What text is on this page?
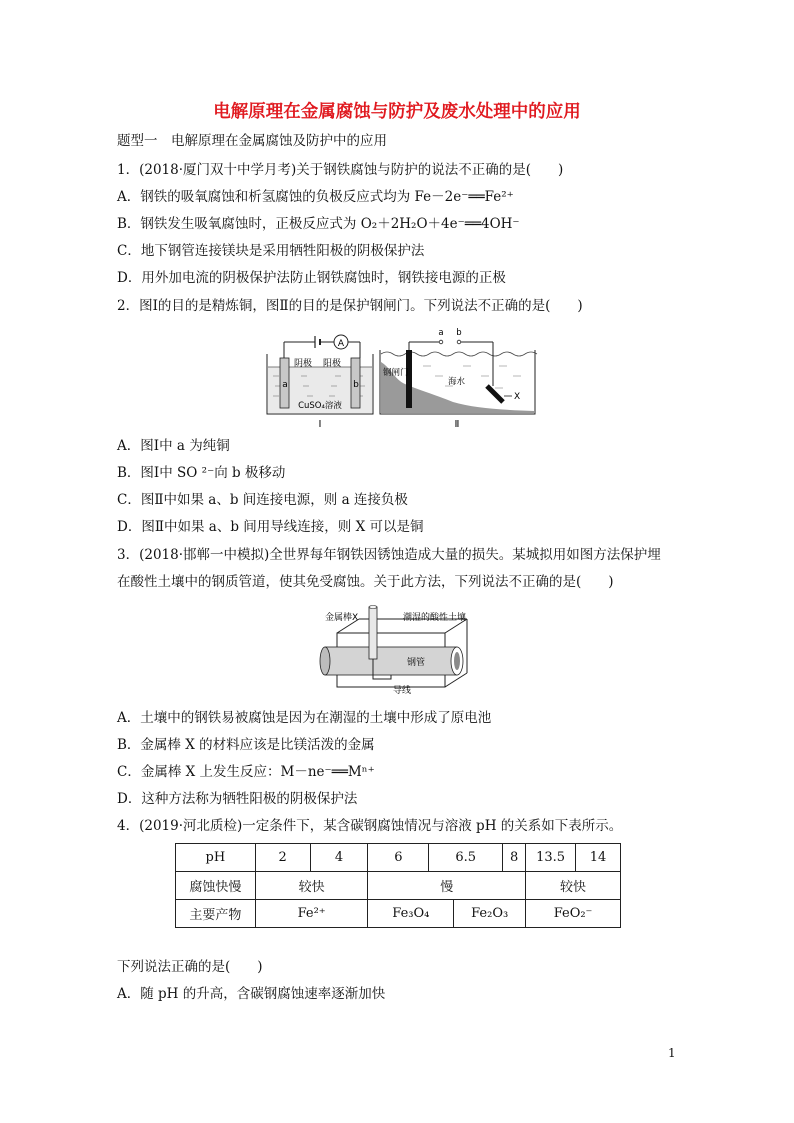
电解原理在金属腐蚀与防护及废水处理中的应用
题型一　电解原理在金属腐蚀及防护中的应用
1．(2018·厦门双十中学月考)关于钢铁腐蚀与防护的说法不正确的是(　　)
A．钢铁的吸氧腐蚀和析氢腐蚀的负极反应式均为 Fe－2e⁻══Fe²⁺
B．钢铁发生吸氧腐蚀时，正极反应式为 O₂＋2H₂O＋4e⁻══4OH⁻
C．地下钢管连接镁块是采用牺牲阳极的阴极保护法
D．用外加电流的阴极保护法防止钢铁腐蚀时，钢铁接电源的正极
2．图Ⅰ的目的是精炼铜，图Ⅱ的目的是保护钢闸门。下列说法不正确的是(　　)
A
阴极 阳极
a	b
CuSO₄溶液
Ⅰ
a b
钢闸门
海水
X
Ⅱ
A．图Ⅰ中 a 为纯铜
B．图Ⅰ中 SO ²⁻向 b 极移动
C．图Ⅱ中如果 a、b 间连接电源，则 a 连接负极
D．图Ⅱ中如果 a、b 间用导线连接，则 X 可以是铜
3．(2018·邯郸一中模拟)全世界每年钢铁因锈蚀造成大量的损失。某城拟用如图方法保护埋
在酸性土壤中的钢质管道，使其免受腐蚀。关于此方法，下列说法不正确的是(　　)
金属棒X	潮湿的酸性土壤
钢管
导线
A．土壤中的钢铁易被腐蚀是因为在潮湿的土壤中形成了原电池
B．金属棒 X 的材料应该是比镁活泼的金属
C．金属棒 X 上发生反应：M－ne⁻══Mⁿ⁺
D．这种方法称为牺牲阳极的阴极保护法
4．(2019·河北质检)一定条件下，某含碳钢腐蚀情况与溶液 pH 的关系如下表所示。
pH	2	4	6	6.5		8	13.5	14
腐蚀快慢	较快		慢				较快	
主要产物	Fe²⁺		Fe₃O₄		Fe₂O₃		FeO₂⁻	
下列说法正确的是(　　)
A．随 pH 的升高，含碳钢腐蚀速率逐渐加快
1
